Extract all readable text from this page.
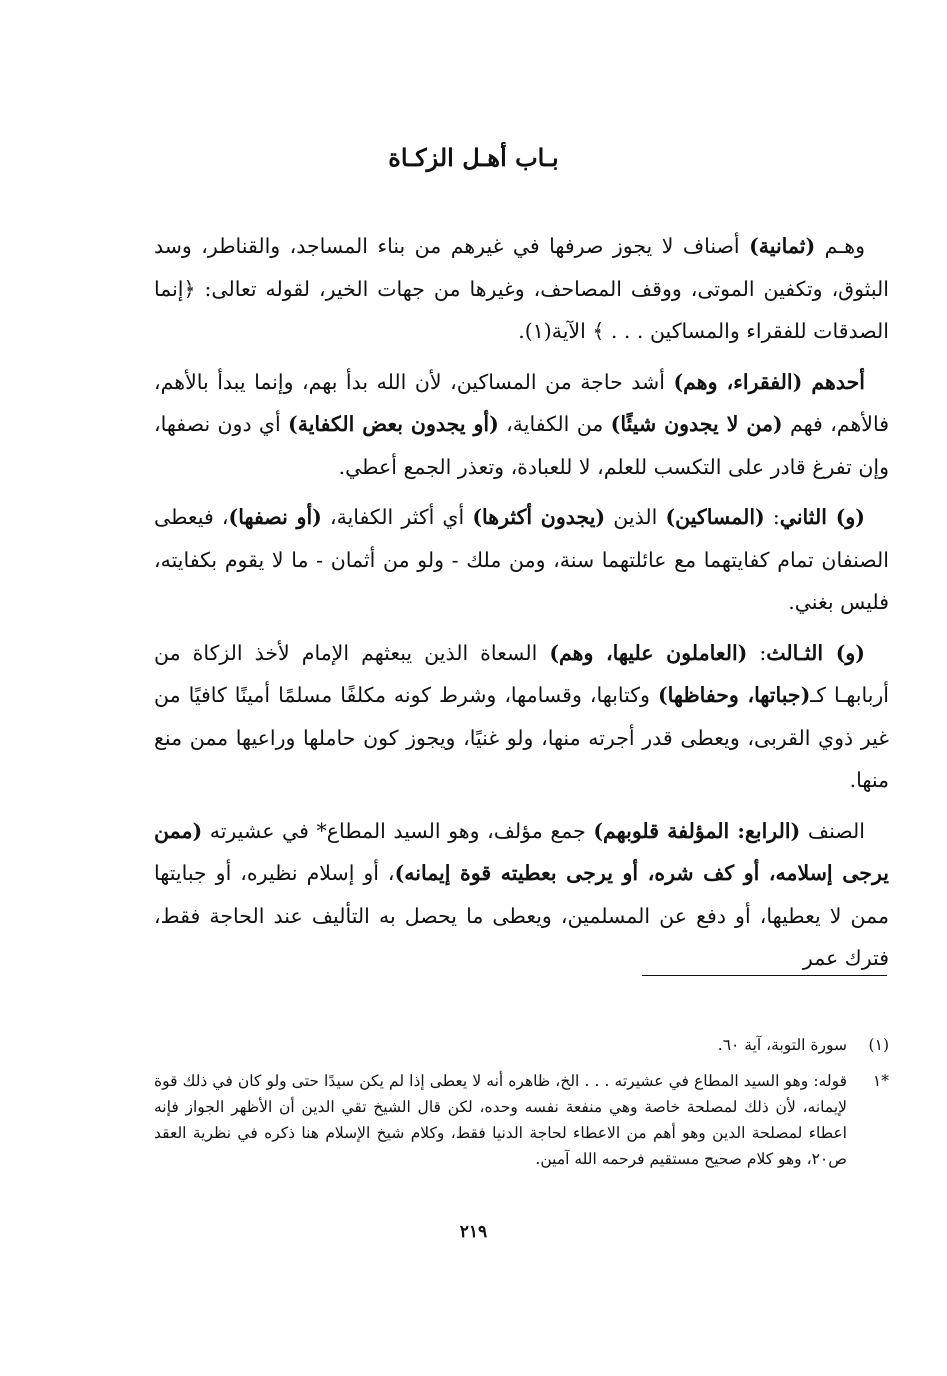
بـاب أهـل الزكـاة

وهـم (ثمانية) أصناف لا يجوز صرفها في غيرهم من بناء المساجد، والقناطر، وسد البثوق، وتكفين الموتى، ووقف المصاحف، وغيرها من جهات الخير، لقوله تعالى: ﴿إنما الصدقات للفقراء والمساكين . . . ﴾ الآية(١).

أحدهم (الفقراء، وهم) أشد حاجة من المساكين، لأن الله بدأ بهم، وإنما يبدأ بالأهم، فالأهم، فهم (من لا يجدون شيئًا) من الكفاية، (أو يجدون بعض الكفاية) أي دون نصفها، وإن تفرغ قادر على التكسب للعلم، لا للعبادة، وتعذر الجمع أعطي.

(و) الثاني: (المساكين) الذين (يجدون أكثرها) أي أكثر الكفاية، (أو نصفها)، فيعطى الصنفان تمام كفايتهما مع عائلتهما سنة، ومن ملك - ولو من أثمان - ما لا يقوم بكفايته، فليس بغني.

(و) الثـالث: (العاملون عليها، وهم) السعاة الذين يبعثهم الإمام لأخذ الزكاة من أربابهـا كـ(جباتها، وحفاظها) وكتابها، وقسامها، وشرط كونه مكلفًا مسلمًا أمينًا كافيًا من غير ذوي القربى، ويعطى قدر أجرته منها، ولو غنيًا، ويجوز كون حاملها وراعيها ممن منع منها.

الصنف (الرابع: المؤلفة قلوبهم) جمع مؤلف، وهو السيد المطاع* في عشيرته (ممن يرجى إسلامه، أو كف شره، أو يرجى بعطيته قوة إيمانه)، أو إسلام نظيره، أو جبايتها ممن لا يعطيها، أو دفع عن المسلمين، ويعطى ما يحصل به التأليف عند الحاجة فقط، فترك عمر

(١)
سورة التوبة، آية ٦٠.
*١
قوله: وهو السيد المطاع في عشيرته . . . الخ، ظاهره أنه لا يعطى إذا لم يكن سيدًا حتى ولو كان في ذلك قوة لإيمانه، لأن ذلك لمصلحة خاصة وهي منفعة نفسه وحده، لكن قال الشيخ تقي الدين أن الأظهر الجواز فإنه اعطاء لمصلحة الدين وهو أهم من الاعطاء لحاجة الدنيا فقط، وكلام شيخ الإسلام هنا ذكره في نظرية العقد ص٢٠، وهو كلام صحيح مستقيم فرحمه الله آمين.
٢١٩
